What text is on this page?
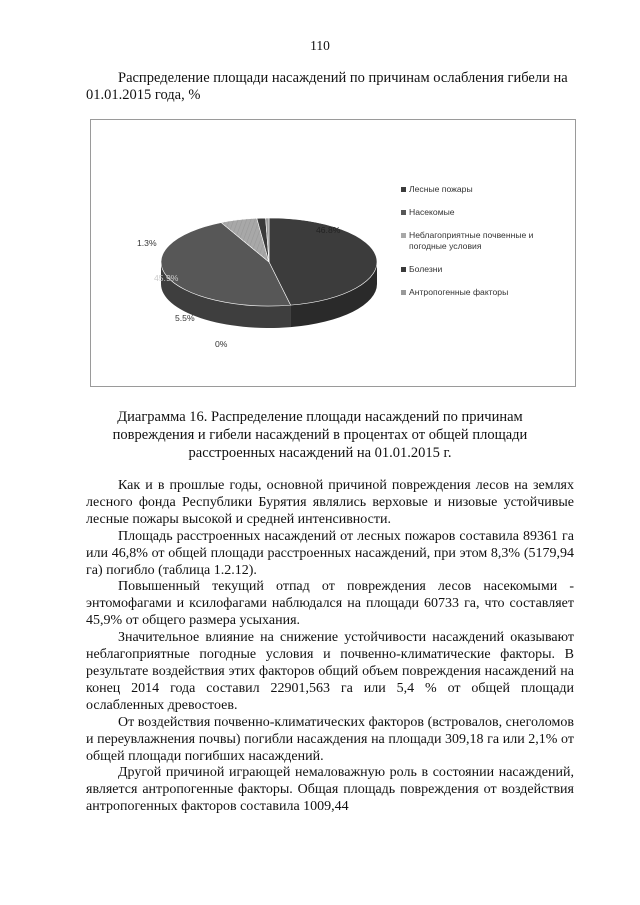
110
Распределение площади насаждений по причинам ослабления гибели на 01.01.2015 года, %
46.8%
45.9%
5.5%
1.3%
0%
Лесные пожары
Насекомые
Неблагоприятные почвенные и погодные условия
Болезни
Антропогенные факторы
Диаграмма 16. Распределение площади насаждений по причинам повреждения и гибели насаждений в процентах от общей площади расстроенных насаждений на 01.01.2015 г.

Как и в прошлые годы, основной причиной повреждения лесов на землях лесного фонда Республики Бурятия являлись верховые и низовые устойчивые лесные пожары высокой и средней интенсивности.

Площадь расстроенных насаждений от лесных пожаров составила 89361 га или 46,8% от общей площади расстроенных насаждений, при этом 8,3% (5179,94 га) погибло (таблица 1.2.12).

Повышенный текущий отпад от повреждения лесов насекомыми - энтомофагами и ксилофагами наблюдался на площади 60733 га, что составляет 45,9% от общего размера усыхания.

Значительное влияние на снижение устойчивости насаждений оказывают неблагоприятные погодные условия и почвенно-климатические факторы. В результате воздействия этих факторов общий объем повреждения насаждений на конец 2014 года составил 22901,563 га или 5,4 % от общей площади ослабленных древостоев.

От воздействия почвенно-климатических факторов (встровалов, снеголомов и переувлажнения почвы) погибли насаждения на площади 309,18 га или 2,1% от общей площади погибших насаждений.

Другой причиной играющей немаловажную роль в состоянии насаждений, является антропогенные факторы. Общая площадь повреждения от воздействия антропогенных факторов составила 1009,44
